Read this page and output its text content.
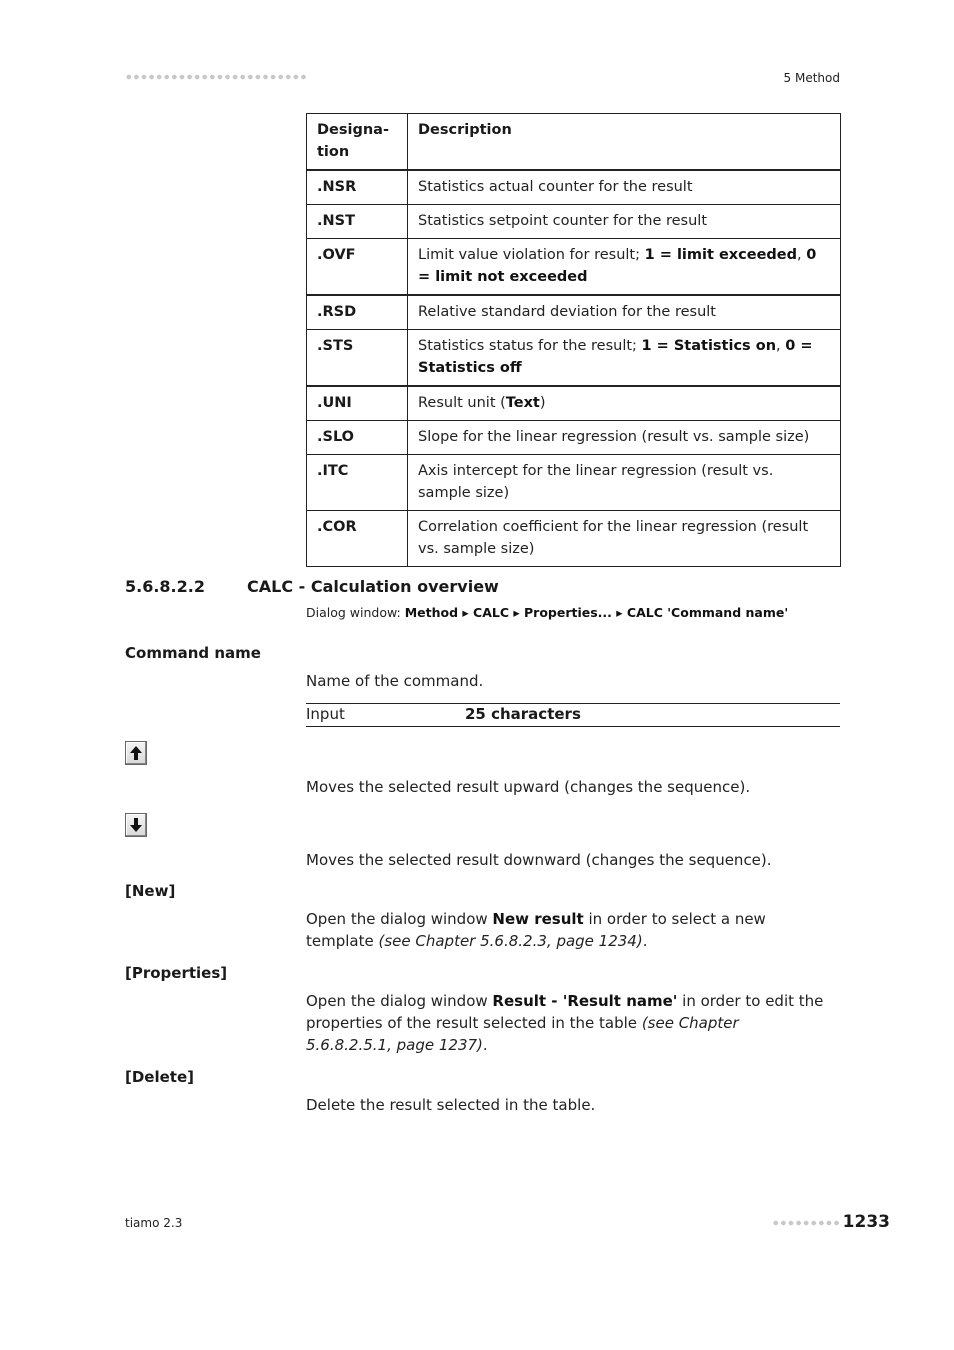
5 Method
Designa-
tion	Description
.NSR	Statistics actual counter for the result
.NST	Statistics setpoint counter for the result
.OVF	Limit value violation for result; 1 = limit exceeded, 0 = limit not exceeded
.RSD	Relative standard deviation for the result
.STS	Statistics status for the result; 1 = Statistics on, 0 = Statistics off
.UNI	Result unit (Text)
.SLO	Slope for the linear regression (result vs. sample size)
.ITC	Axis intercept for the linear regression (result vs. sample size)
.COR	Correlation coefficient for the linear regression (result vs. sample size)
5.6.8.2.2	CALC - Calculation overview
Dialog window: Method ▸ CALC ▸ Properties... ▸ CALC 'Command name'
Command name
Name of the command.
Input	25 characters
Moves the selected result upward (changes the sequence).
Moves the selected result downward (changes the sequence).
[New]
Open the dialog window New result in order to select a new template (see Chapter 5.6.8.2.3, page 1234).
[Properties]
Open the dialog window Result - 'Result name' in order to edit the properties of the result selected in the table (see Chapter 5.6.8.2.5.1, page 1237).
[Delete]
Delete the result selected in the table.
tiamo 2.3	1233
